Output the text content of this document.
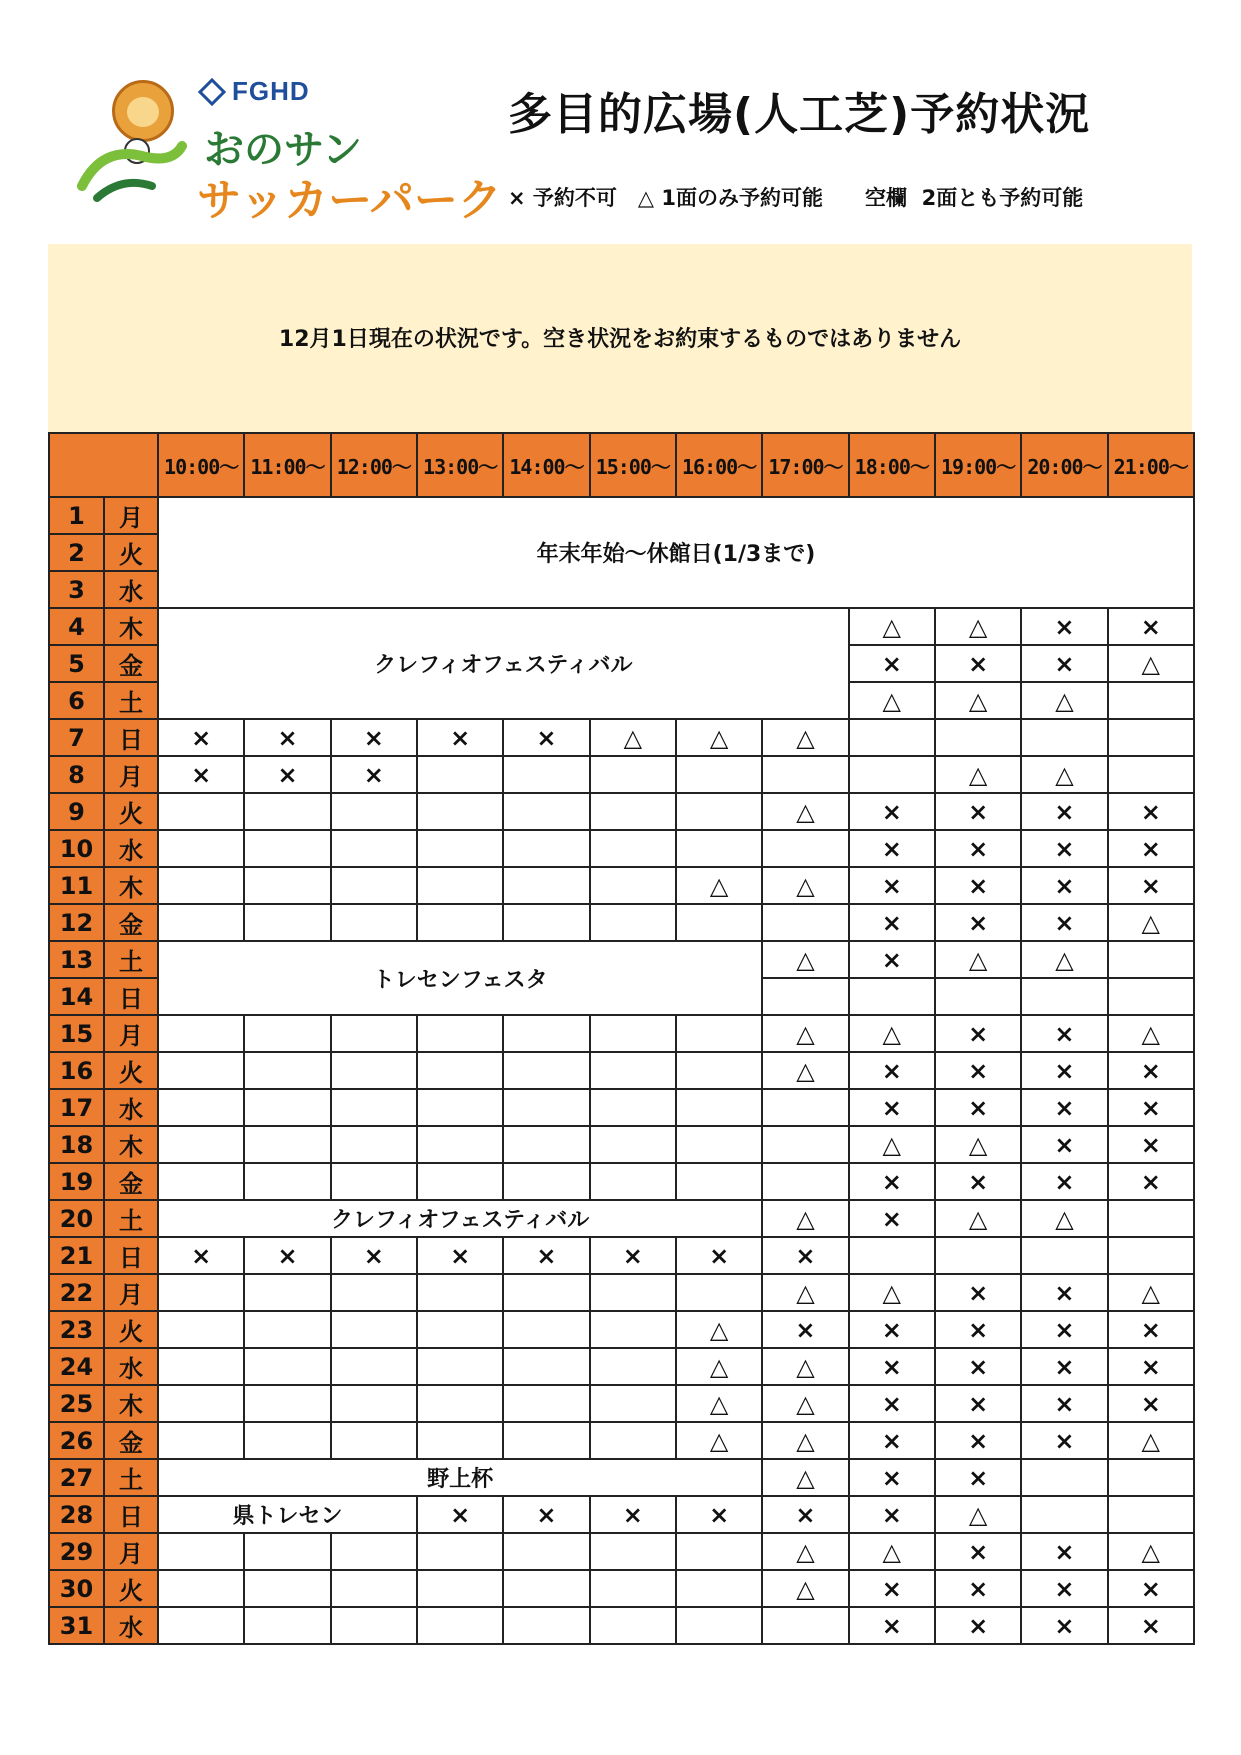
FGHD
おのサン
サッカーパーク
多目的広場(人工芝)予約状況
× 予約不可　△ 1面のみ予約可能　　空欄  2面とも予約可能
12月1日現在の状況です。空き状況をお約束するものではありません
		10:00～	11:00～	12:00～	13:00～	14:00～	15:00～	16:00～	17:00～	18:00～	19:00～	20:00～	21:00～
1	月	年末年始～休館日(1/3まで)											
2	火												
3	水												
4	木	クレフィオフェスティバル								△	△	×	×
5	金									×	×	×	△
6	土									△	△	△	
7	日	×	×	×	×	×	△	△	△				
8	月	×	×	×							△	△	
9	火								△	×	×	×	×
10	水									×	×	×	×
11	木							△	△	×	×	×	×
12	金									×	×	×	△
13	土	トレセンフェスタ							△	×	△	△	
14	日												
15	月								△	△	×	×	△
16	火								△	×	×	×	×
17	水									×	×	×	×
18	木									△	△	×	×
19	金									×	×	×	×
20	土	クレフィオフェスティバル							△	×	△	△	
21	日	×	×	×	×	×	×	×	×				
22	月								△	△	×	×	△
23	火							△	×	×	×	×	×
24	水							△	△	×	×	×	×
25	木							△	△	×	×	×	×
26	金							△	△	×	×	×	△
27	土	野上杯							△	×	×		
28	日	県トレセン			×	×	×	×	×	×	△		
29	月								△	△	×	×	△
30	火								△	×	×	×	×
31	水									×	×	×	×
